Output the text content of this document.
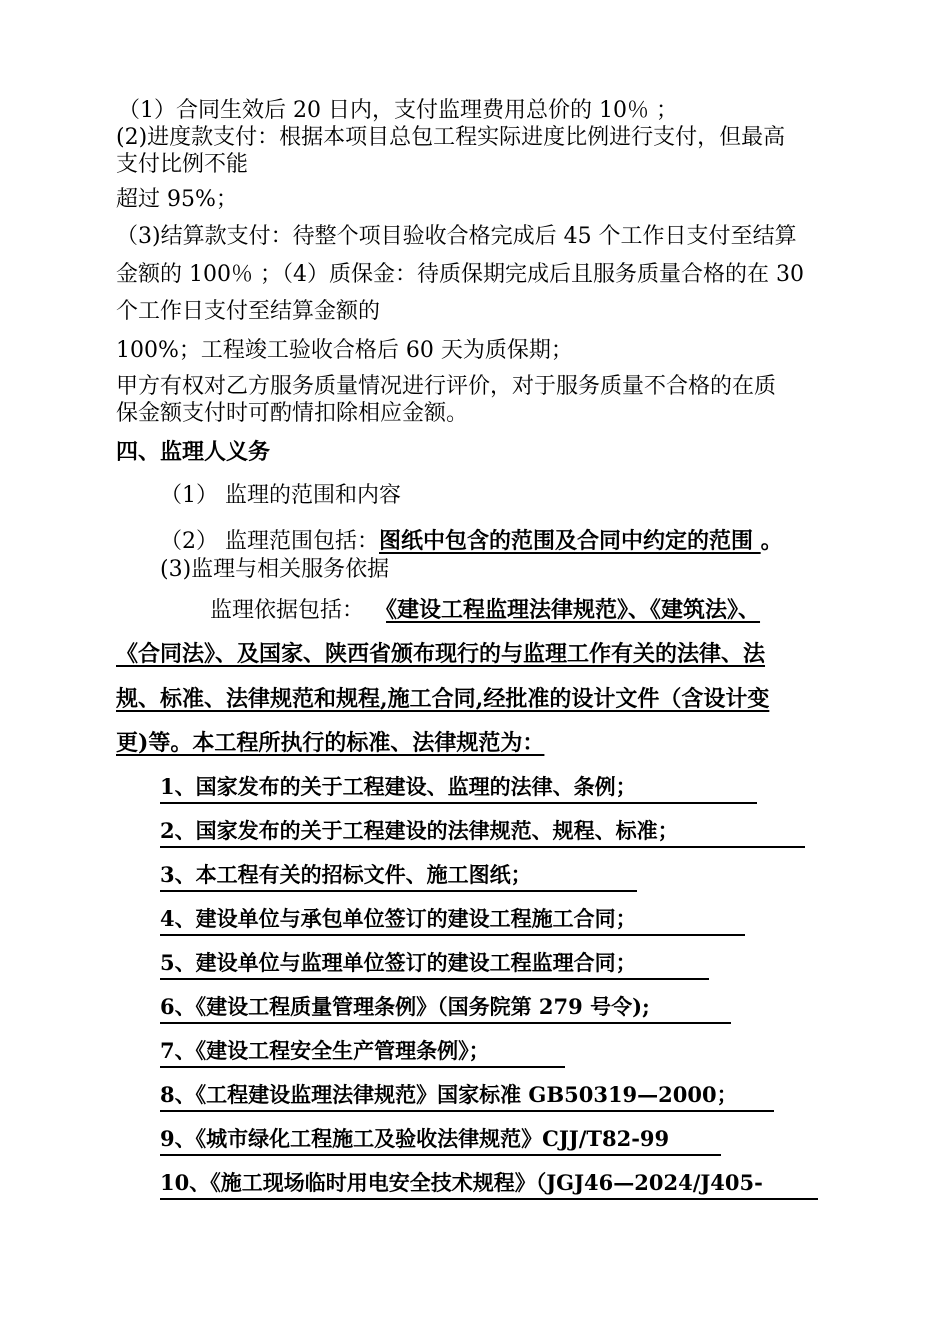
（1）合同生效后 20 日内，支付监理费用总价的 10％ ；
(2)进度款支付：根据本项目总包工程实际进度比例进行支付，但最高
支付比例不能
超过 95%；
（3)结算款支付：待整个项目验收合格完成后 45 个工作日支付至结算
金额的 100％ ；（4）质保金：待质保期完成后且服务质量合格的在 30
个工作日支付至结算金额的
100%；工程竣工验收合格后 60 天为质保期；
甲方有权对乙方服务质量情况进行评价，对于服务质量不合格的在质
保金额支付时可酌情扣除相应金额。
四、监理人义务
（1） 监理的范围和内容
（2） 监理范围包括：图纸中包含的范围及合同中约定的范围 。
(3)监理与相关服务依据
监理依据包括： 《建设工程监理法律规范》、《建筑法》、
《合同法》、及国家、陕西省颁布现行的与监理工作有关的法律、法
规、标准、法律规范和规程,施工合同,经批准的设计文件（含设计变
更)等。本工程所执行的标准、法律规范为：
1、国家发布的关于工程建设、监理的法律、条例；
2、国家发布的关于工程建设的法律规范、规程、标准；
3、本工程有关的招标文件、施工图纸；
4、建设单位与承包单位签订的建设工程施工合同；
5、建设单位与监理单位签订的建设工程监理合同；
6、《建设工程质量管理条例》（国务院第 279 号令);
7、《建设工程安全生产管理条例》；
8、《工程建设监理法律规范》国家标准 GB50319—2000；
9、《城市绿化工程施工及验收法律规范》CJJ/T82-99
10、《施工现场临时用电安全技术规程》（JGJ46—2024/J405-
